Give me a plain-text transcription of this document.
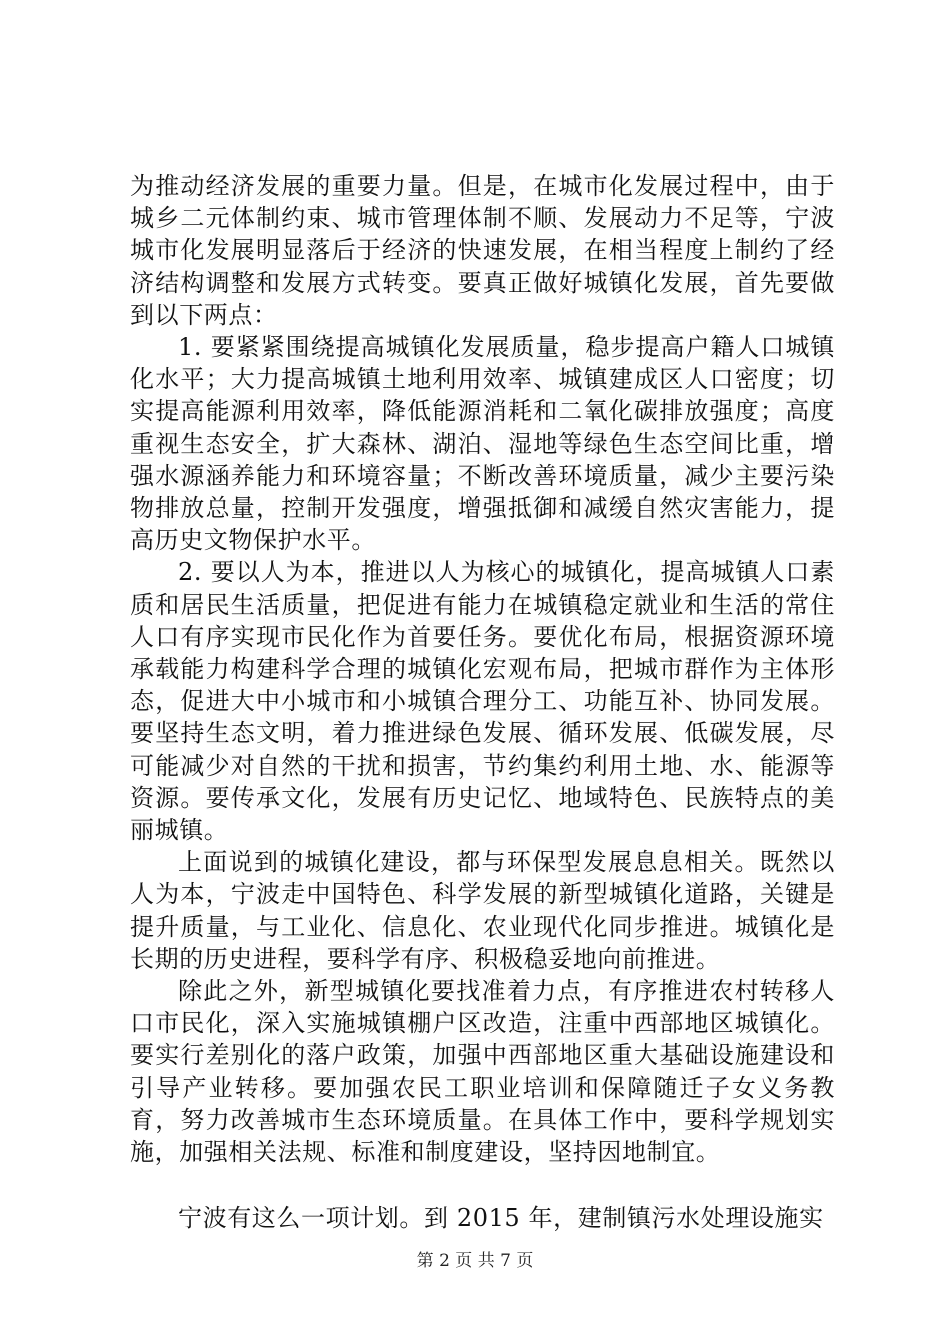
为推动经济发展的重要力量。但是，在城市化发展过程中，由于城乡二元体制约束、城市管理体制不顺、发展动力不足等，宁波城市化发展明显落后于经济的快速发展，在相当程度上制约了经济结构调整和发展方式转变。要真正做好城镇化发展，首先要做到以下两点：

1. 要紧紧围绕提高城镇化发展质量，稳步提高户籍人口城镇化水平；大力提高城镇土地利用效率、城镇建成区人口密度；切实提高能源利用效率，降低能源消耗和二氧化碳排放强度；高度重视生态安全，扩大森林、湖泊、湿地等绿色生态空间比重，增强水源涵养能力和环境容量；不断改善环境质量，减少主要污染物排放总量，控制开发强度，增强抵御和减缓自然灾害能力，提高历史文物保护水平。

2. 要以人为本，推进以人为核心的城镇化，提高城镇人口素质和居民生活质量，把促进有能力在城镇稳定就业和生活的常住人口有序实现市民化作为首要任务。要优化布局，根据资源环境承载能力构建科学合理的城镇化宏观布局，把城市群作为主体形态，促进大中小城市和小城镇合理分工、功能互补、协同发展。要坚持生态文明，着力推进绿色发展、循环发展、低碳发展，尽可能减少对自然的干扰和损害，节约集约利用土地、水、能源等资源。要传承文化，发展有历史记忆、地域特色、民族特点的美丽城镇。

上面说到的城镇化建设，都与环保型发展息息相关。既然以人为本，宁波走中国特色、科学发展的新型城镇化道路，关键是提升质量，与工业化、信息化、农业现代化同步推进。城镇化是长期的历史进程，要科学有序、积极稳妥地向前推进。

除此之外，新型城镇化要找准着力点，有序推进农村转移人口市民化，深入实施城镇棚户区改造，注重中西部地区城镇化。要实行差别化的落户政策，加强中西部地区重大基础设施建设和引导产业转移。要加强农民工职业培训和保障随迁子女义务教育，努力改善城市生态环境质量。在具体工作中，要科学规划实施，加强相关法规、标准和制度建设，坚持因地制宜。

宁波有这么一项计划。到 2015 年，建制镇污水处理设施实

第 2 页 共 7 页
